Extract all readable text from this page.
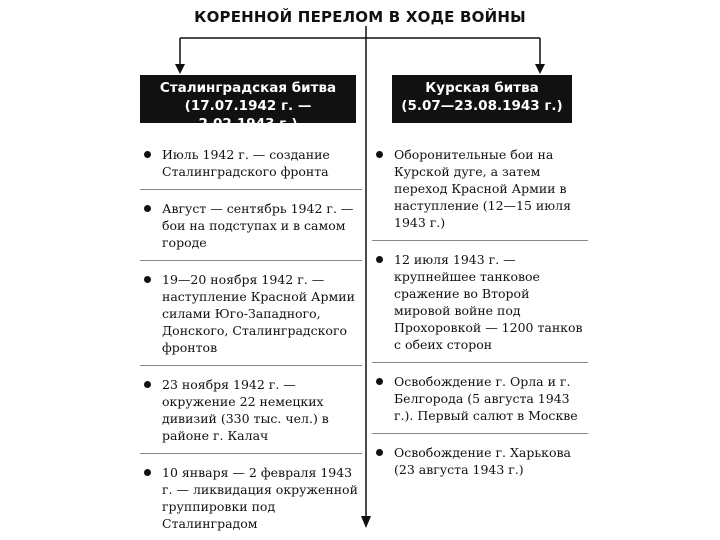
КОРЕННОЙ ПЕРЕЛОМ В ХОДЕ ВОЙНЫ
Сталинградская битва
(17.07.1942 г. — 2.02.1943 г.)
Курская битва
(5.07—23.08.1943 г.)
Июль 1942 г. — создание Сталинградского фронта
Август — сентябрь 1942 г. — бои на подступах и в самом городе
19—20 ноября 1942 г. — наступление Красной Армии силами Юго-Западного, Донского, Сталинградского фронтов
23 ноября 1942 г. — окружение 22 немецких дивизий (330 тыс. чел.) в районе г. Калач
10 января — 2 февраля 1943 г. — ликвидация окруженной группировки под Сталинградом
Оборонительные бои на Курской дуге, а затем переход Красной Армии в наступление (12—15 июля 1943 г.)
12 июля 1943 г. — крупнейшее танковое сражение во Второй мировой войне под Прохоровкой — 1200 танков с обеих сторон
Освобождение г. Орла и г. Белгорода (5 августа 1943 г.). Первый салют в Москве
Освобождение г. Харькова (23 августа 1943 г.)
